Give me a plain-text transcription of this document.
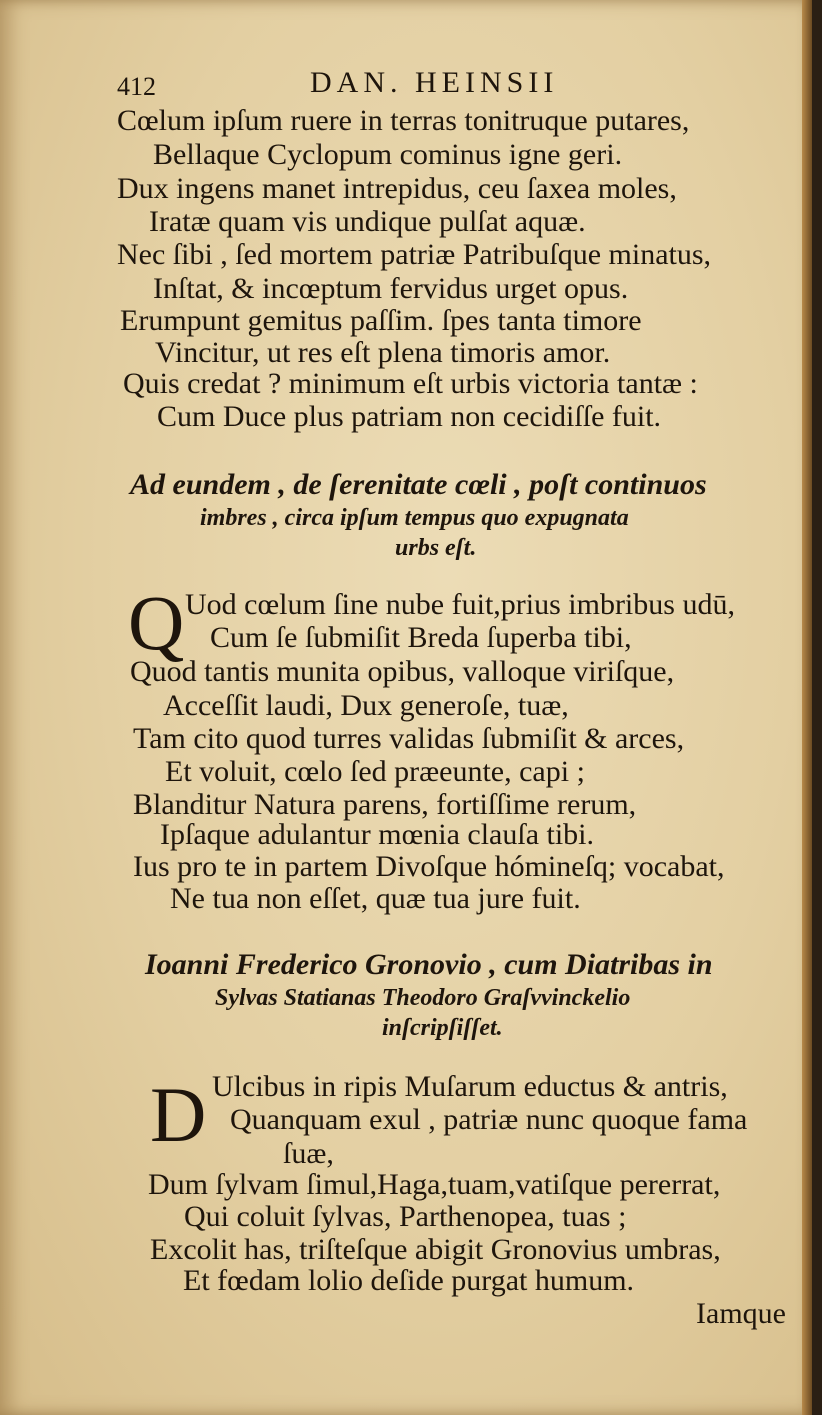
412	DAN. HEINSII
Cœlum ipſum ruere in terras tonitruque putares,
Bellaque Cyclopum cominus igne geri.
Dux ingens manet intrepidus, ceu ſaxea moles,
Iratæ quam vis undique pulſat aquæ.
Nec ſibi , ſed mortem patriæ Patribuſque minatus,
Inſtat, & incœptum fervidus urget opus.
Erumpunt gemitus paſſim. ſpes tanta timore
Vincitur, ut res eſt plena timoris amor.
Quis credat ? minimum eſt urbis victoria tantæ :
Cum Duce plus patriam non cecidiſſe fuit.
Ad eundem , de ſerenitate cœli , poſt continuos
imbres , circa ipſum tempus quo expugnata
urbs eſt.
Q Uod cœlum ſine nube fuit,prius imbribus udū,
Cum ſe ſubmiſit Breda ſuperba tibi,
Quod tantis munita opibus, valloque viriſque,
Acceſſit laudi, Dux generoſe, tuæ,
Tam cito quod turres validas ſubmiſit & arces,
Et voluit, cœlo ſed præeunte, capi ;
Blanditur Natura parens, fortiſſime rerum,
Ipſaque adulantur mœnia clauſa tibi.
Ius pro te in partem Divoſque hómineſq; vocabat,
Ne tua non eſſet, quæ tua jure fuit.
Ioanni Frederico Gronovio , cum Diatribas in
Sylvas Statianas Theodoro Graſvvinckelio
inſcripſiſſet.
D Ulcibus in ripis Muſarum eductus & antris,
Quanquam exul , patriæ nunc quoque fama
ſuæ,
Dum ſylvam ſimul,Haga,tuam,vatiſque pererrat,
Qui coluit ſylvas, Parthenopea, tuas ;
Excolit has, triſteſque abigit Gronovius umbras,
Et fœdam lolio deſide purgat humum.
Iamque
